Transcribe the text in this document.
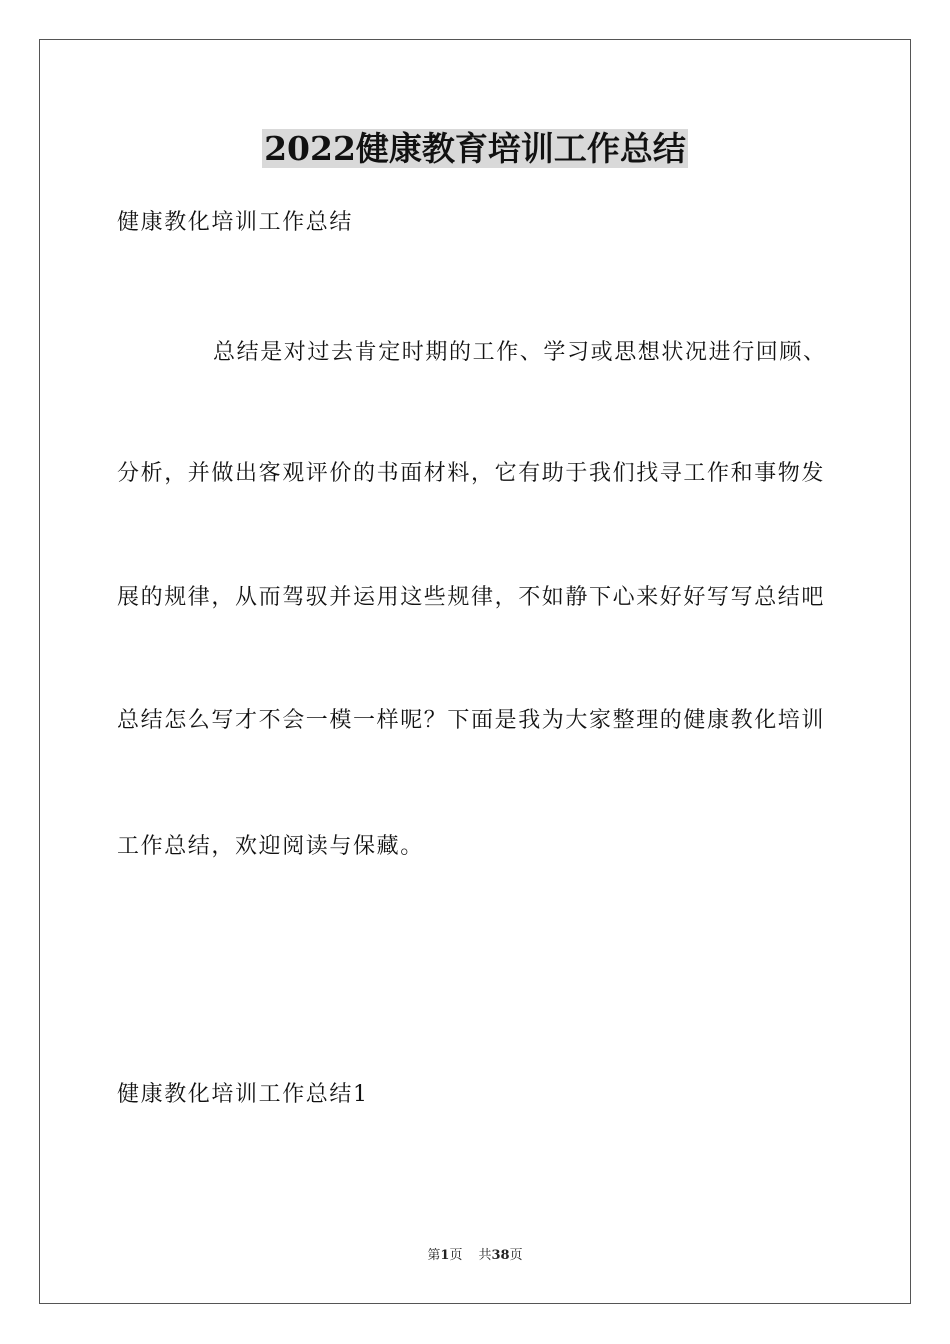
2022健康教育培训工作总结
健康教化培训工作总结
总结是对过去肯定时期的工作、学习或思想状况进行回顾、
分析，并做出客观评价的书面材料，它有助于我们找寻工作和事物发
展的规律，从而驾驭并运用这些规律，不如静下心来好好写写总结吧
总结怎么写才不会一模一样呢？下面是我为大家整理的健康教化培训
工作总结，欢迎阅读与保藏。
健康教化培训工作总结1
第1页 共38页
